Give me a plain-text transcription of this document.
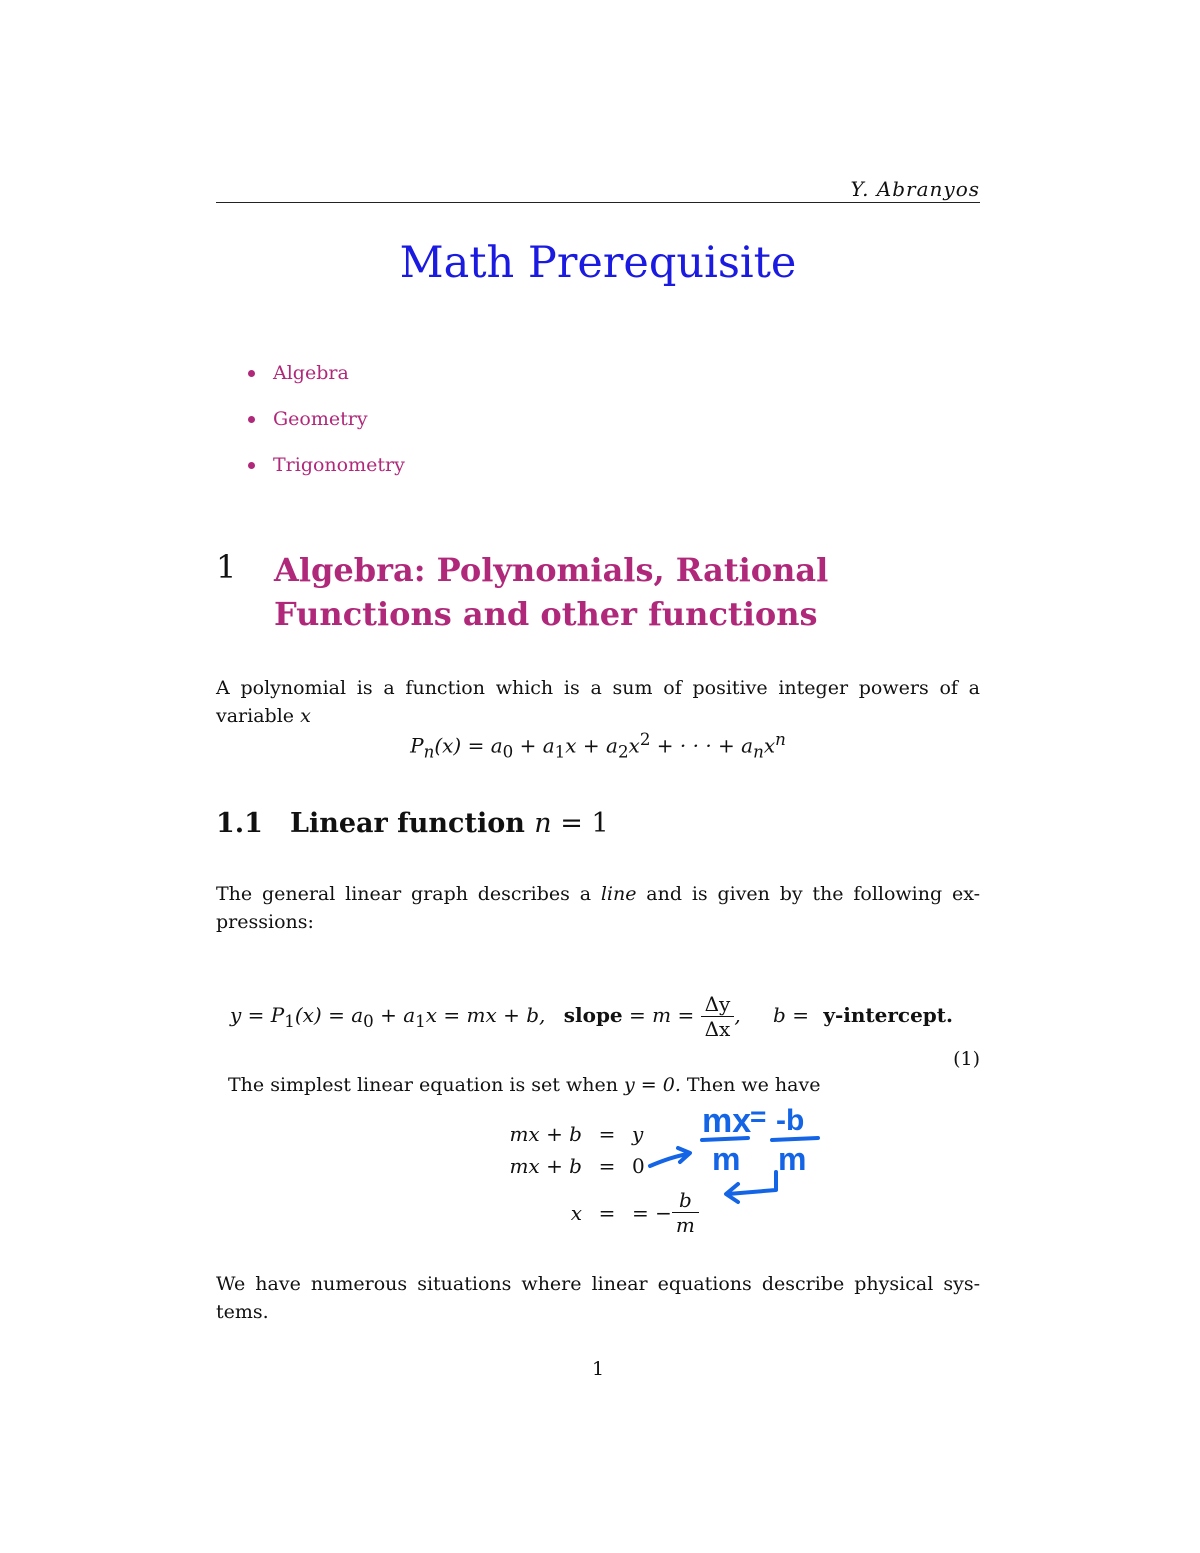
Y. Abranyos
Math Prerequisite
Algebra
Geometry
Trigonometry
1 Algebra: Polynomials, Rational Functions and other functions
A polynomial is a function which is a sum of positive integer powers of a
variable x
$P_n(x) = a_0 + a_1x + a_2x^2$ + · · · + $a_nx^n$
1.1 Linear function n = 1
The general linear graph describes a line and is given by the following ex-
pressions:
$y = P_1(x) = a_0 + a_1x$ = mx + b, slope = $m = \frac{\Delta y}{\Delta x}$ , b = y-intercept.
(1)
The simplest linear equation is set when y = 0. Then we have
mx + b = y
mx + b = 0
x = = − $\frac{b}{m}$
mx
m
= -b
m
We have numerous situations where linear equations describe physical sys-
tems.
1
